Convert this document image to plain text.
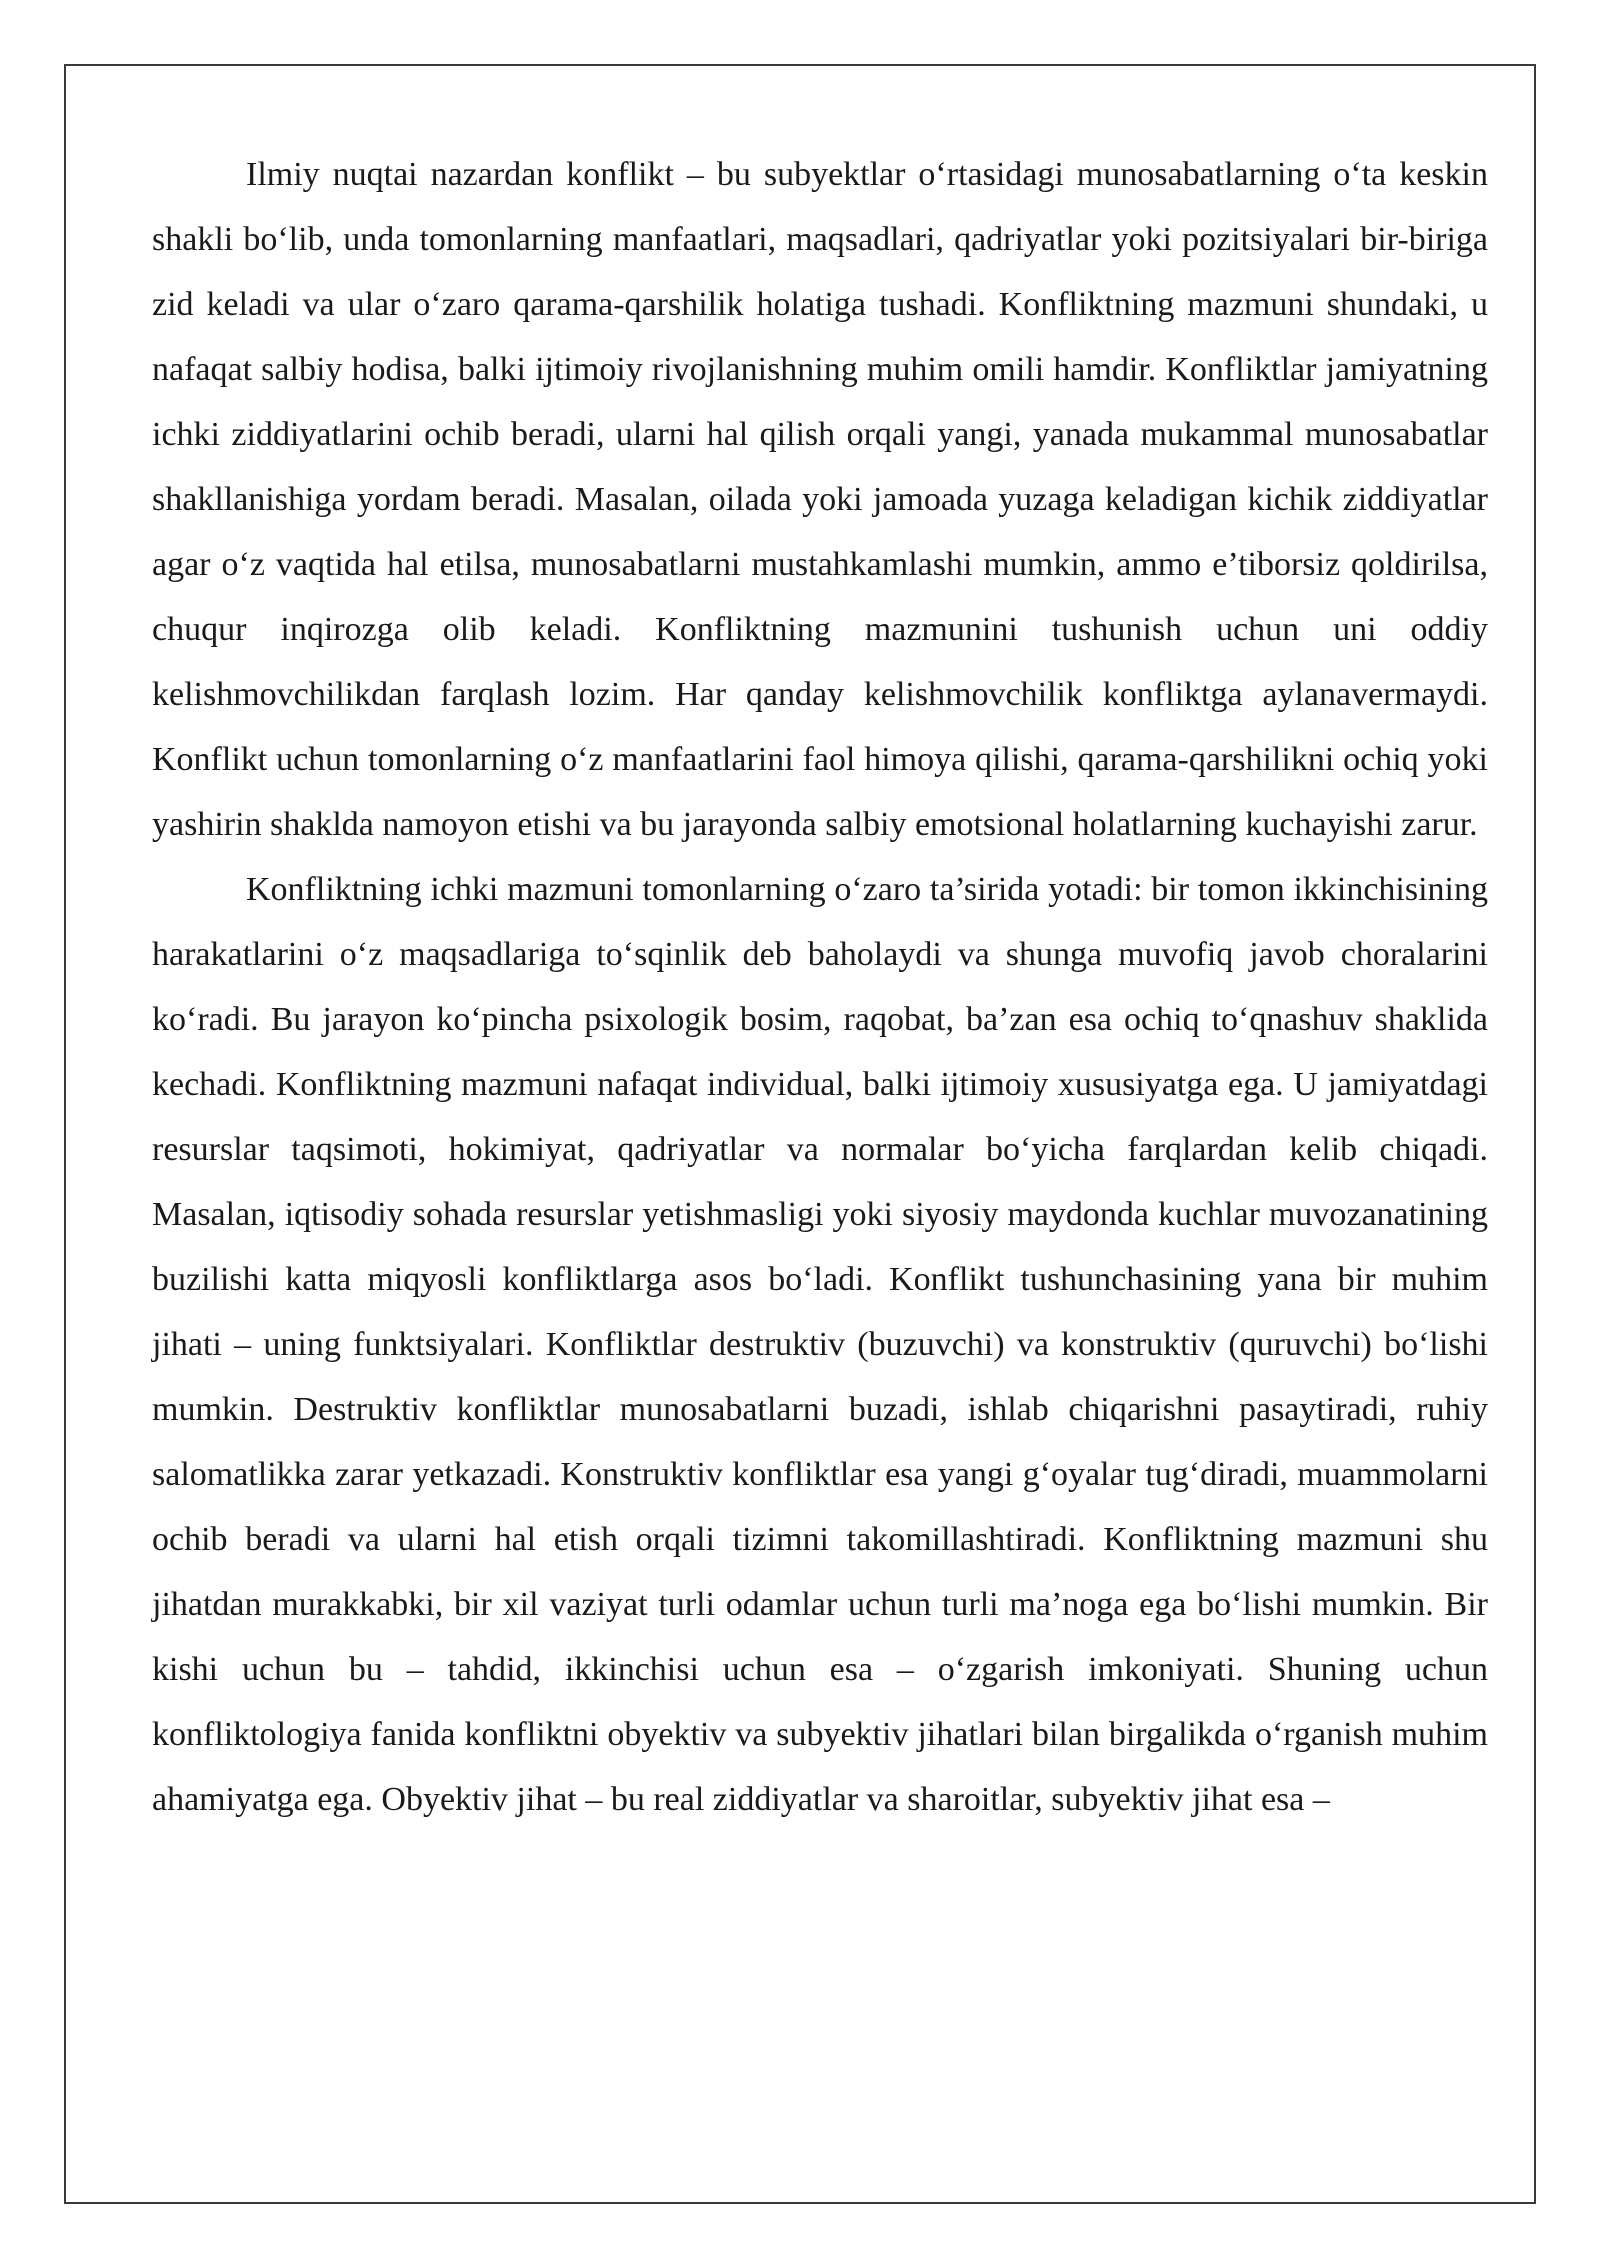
Ilmiy nuqtai nazardan konflikt – bu subyektlar oʻrtasidagi munosabatlarning oʻta keskin shakli boʻlib, unda tomonlarning manfaatlari, maqsadlari, qadriyatlar yoki pozitsiyalari bir-biriga zid keladi va ular oʻzaro qarama-qarshilik holatiga tushadi. Konfliktning mazmuni shundaki, u nafaqat salbiy hodisa, balki ijtimoiy rivojlanishning muhim omili hamdir. Konfliktlar jamiyatning ichki ziddiyatlarini ochib beradi, ularni hal qilish orqali yangi, yanada mukammal munosabatlar shakllanishiga yordam beradi. Masalan, oilada yoki jamoada yuzaga keladigan kichik ziddiyatlar agar oʻz vaqtida hal etilsa, munosabatlarni mustahkamlashi mumkin, ammo e’tiborsiz qoldirilsa, chuqur inqirozga olib keladi. Konfliktning mazmunini tushunish uchun uni oddiy kelishmovchilikdan farqlash lozim. Har qanday kelishmovchilik konfliktga aylanavermaydi. Konflikt uchun tomonlarning oʻz manfaatlarini faol himoya qilishi, qarama-qarshilikni ochiq yoki yashirin shaklda namoyon etishi va bu jarayonda salbiy emotsional holatlarning kuchayishi zarur.

Konfliktning ichki mazmuni tomonlarning oʻzaro ta’sirida yotadi: bir tomon ikkinchisining harakatlarini oʻz maqsadlariga toʻsqinlik deb baholaydi va shunga muvofiq javob choralarini koʻradi. Bu jarayon koʻpincha psixologik bosim, raqobat, ba’zan esa ochiq toʻqnashuv shaklida kechadi. Konfliktning mazmuni nafaqat individual, balki ijtimoiy xususiyatga ega. U jamiyatdagi resurslar taqsimoti, hokimiyat, qadriyatlar va normalar boʻyicha farqlardan kelib chiqadi. Masalan, iqtisodiy sohada resurslar yetishmasligi yoki siyosiy maydonda kuchlar muvozanatining buzilishi katta miqyosli konfliktlarga asos boʻladi. Konflikt tushunchasining yana bir muhim jihati – uning funktsiyalari. Konfliktlar destruktiv (buzuvchi) va konstruktiv (quruvchi) boʻlishi mumkin. Destruktiv konfliktlar munosabatlarni buzadi, ishlab chiqarishni pasaytiradi, ruhiy salomatlikka zarar yetkazadi. Konstruktiv konfliktlar esa yangi gʻoyalar tugʻdiradi, muammolarni ochib beradi va ularni hal etish orqali tizimni takomillashtiradi. Konfliktning mazmuni shu jihatdan murakkabki, bir xil vaziyat turli odamlar uchun turli ma’noga ega boʻlishi mumkin. Bir kishi uchun bu – tahdid, ikkinchisi uchun esa – oʻzgarish imkoniyati. Shuning uchun konfliktologiya fanida konfliktni obyektiv va subyektiv jihatlari bilan birgalikda oʻrganish muhim ahamiyatga ega. Obyektiv jihat – bu real ziddiyatlar va sharoitlar, subyektiv jihat esa –
